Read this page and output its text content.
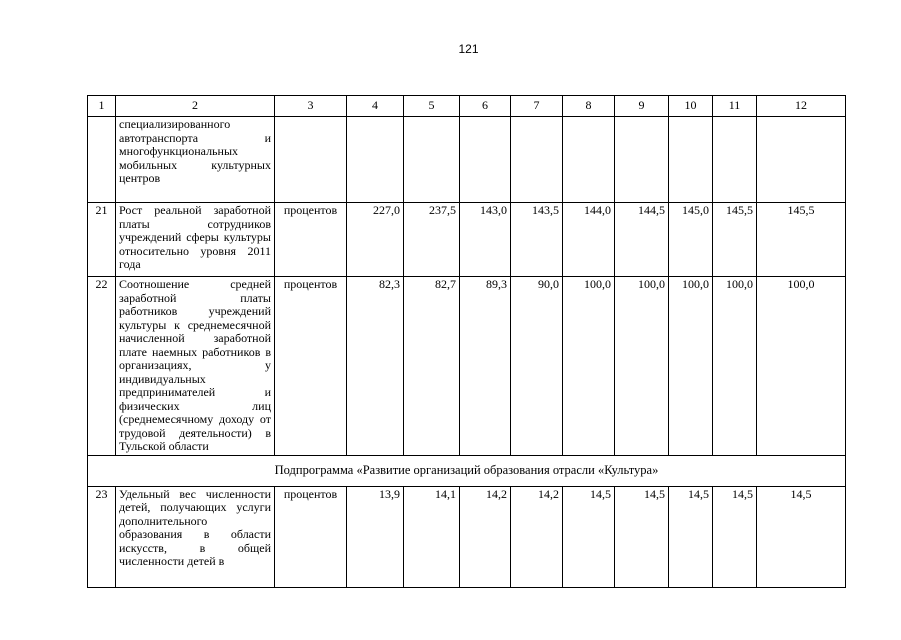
121
1	2	3	4	5	6	7	8	9	10	11	12
	специализированного автотранспорта и многофункциональных мобильных культурных центров										
21	Рост реальной заработной платы сотрудников учреждений сферы культуры относительно уровня 2011 года	процентов	227,0	237,5	143,0	143,5	144,0	144,5	145,0	145,5	145,5
22	Соотношение средней заработной платы работников учреждений культуры к среднемесячной начисленной заработной плате наемных работников в организациях, у индивидуальных предпринимателей и физических лиц (среднемесячному доходу от трудовой деятельности) в Тульской области	процентов	82,3	82,7	89,3	90,0	100,0	100,0	100,0	100,0	100,0
Подпрограмма «Развитие организаций образования отрасли «Культура»											
23	Удельный вес численности детей, получающих услуги дополнительного образования в области искусств, в общей численности детей в	процентов	13,9	14,1	14,2	14,2	14,5	14,5	14,5	14,5	14,5
